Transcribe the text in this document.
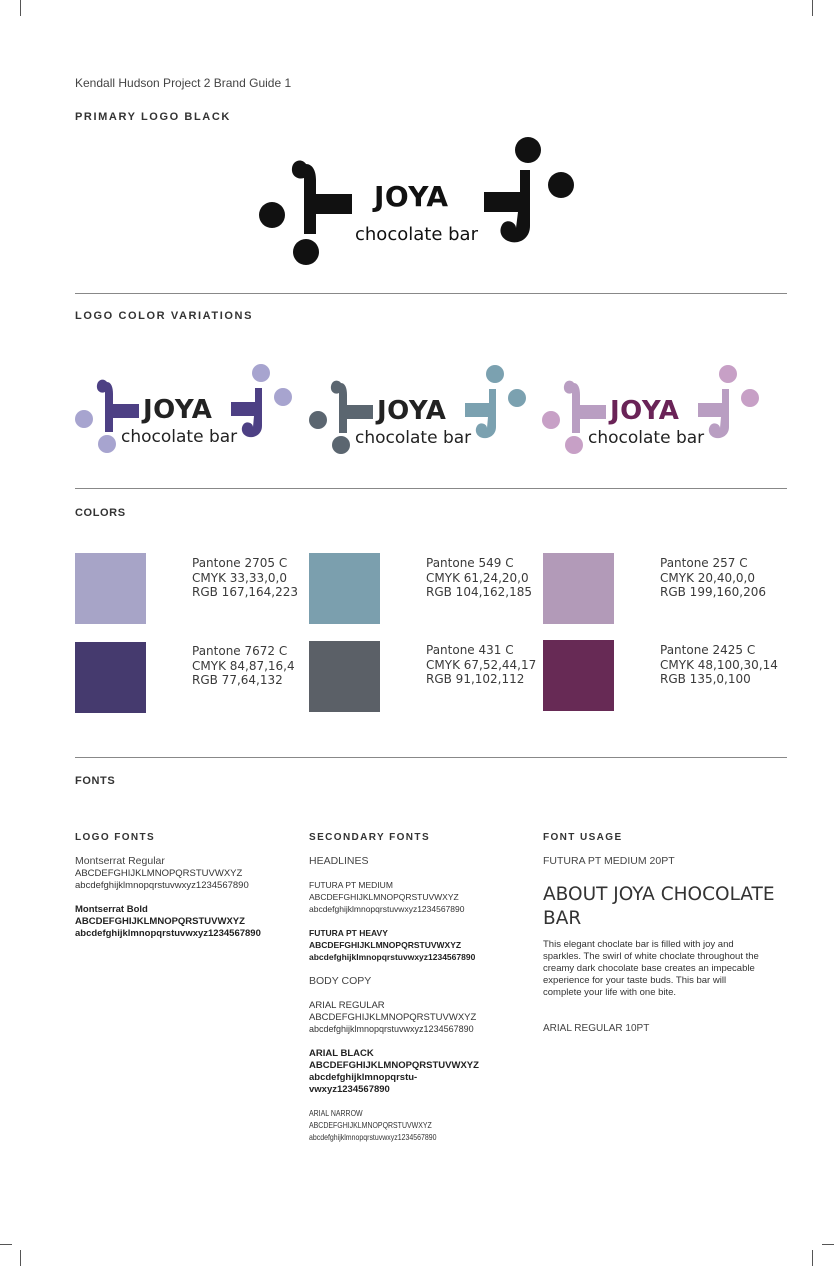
Kendall Hudson Project 2 Brand Guide 1
PRIMARY LOGO BLACK
JOYA
chocolate bar
LOGO COLOR VARIATIONS
JOYA
chocolate bar
JOYA
chocolate bar
JOYA
chocolate bar
COLORS
Pantone 2705 C
CMYK 33,33,0,0
RGB 167,164,223
Pantone 549 C
CMYK 61,24,20,0
RGB 104,162,185
Pantone 257 C
CMYK 20,40,0,0
RGB 199,160,206
Pantone 7672 C
CMYK 84,87,16,4
RGB 77,64,132
Pantone 431 C
CMYK 67,52,44,17
RGB 91,102,112
Pantone 2425 C
CMYK 48,100,30,14
RGB 135,0,100
FONTS
LOGO FONTS
Montserrat Regular
ABCDEFGHIJKLMNOPQRSTUVWXYZ
abcdefghijklmnopqrstuvwxyz1234567890
Montserrat Bold
ABCDEFGHIJKLMNOPQRSTUVWXYZ
abcdefghijklmnopqrstuvwxyz1234567890
SECONDARY FONTS
HEADLINES
FUTURA PT MEDIUM
ABCDEFGHIJKLMNOPQRSTUVWXYZ
abcdefghijklmnopqrstuvwxyz1234567890
FUTURA PT HEAVY
ABCDEFGHIJKLMNOPQRSTUVWXYZ
abcdefghijklmnopqrstuvwxyz1234567890
BODY COPY
ARIAL REGULAR
ABCDEFGHIJKLMNOPQRSTUVWXYZ
abcdefghijklmnopqrstuvwxyz1234567890
ARIAL BLACK
ABCDEFGHIJKLMNOPQRSTUVWXYZ
abcdefghijklmnopqrstu-
vwxyz1234567890
ARIAL NARROW
ABCDEFGHIJKLMNOPQRSTUVWXYZ
abcdefghijklmnopqrstuvwxyz1234567890
FONT USAGE
FUTURA PT MEDIUM 20PT
ABOUT JOYA CHOCOLATE
BAR
This elegant choclate bar is filled with joy and
sparkles. The swirl of white choclate throughout the
creamy dark chocolate base creates an impecable
experience for your taste buds. This bar will
complete your life with one bite.
ARIAL REGULAR 10PT
